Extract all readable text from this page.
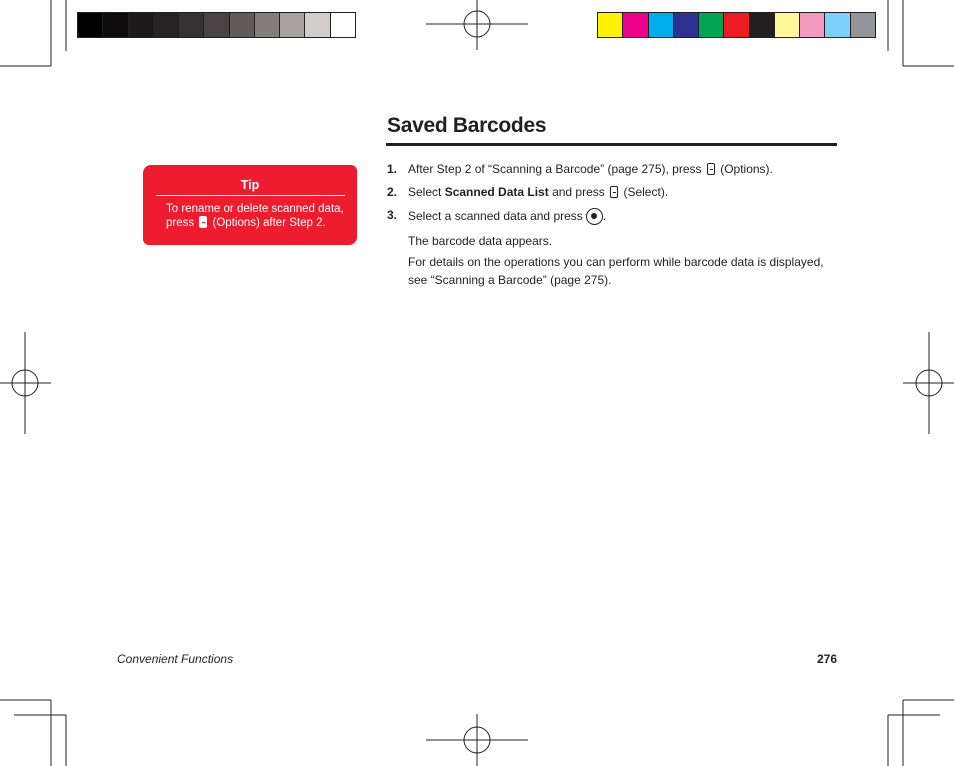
Saved Barcodes
Tip
To rename or delete scanned data,
press (Options) after Step 2.
1. After Step 2 of “Scanning a Barcode” (page 275), press (Options).
2. Select Scanned Data List and press (Select).
3. Select a scanned data and press .
The barcode data appears.
For details on the operations you can perform while barcode data is displayed, see “Scanning a Barcode” (page 275).
Convenient Functions	276
